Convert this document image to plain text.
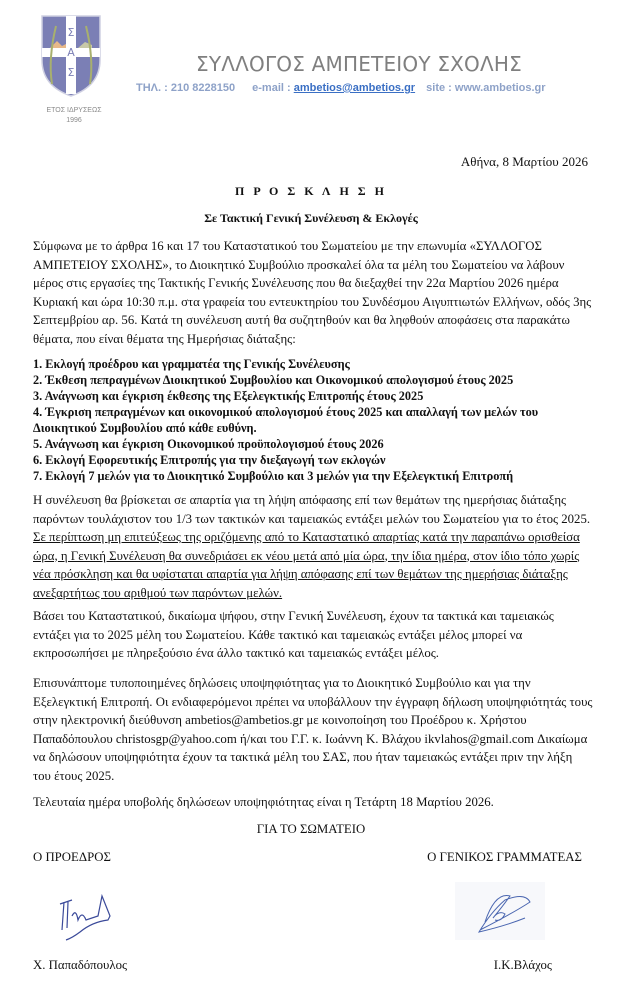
Σ
Α
Σ
ΕΤΟΣ ΙΔΡΥΣΕΩΣ
1996
ΣΥΛΛΟΓΟΣ ΑΜΠΕΤΕΙΟΥ ΣΧΟΛΗΣ
ΤΗΛ. : 210 8228150 e-mail : ambetios@ambetios.gr site : www.ambetios.gr
Αθήνα, 8 Μαρτίου 2026
Π Ρ Ο Σ Κ Λ Η Σ Η
Σε Τακτική Γενική Συνέλευση & Εκλογές
Σύμφωνα με το άρθρα 16 και 17 του Καταστατικού του Σωματείου με την επωνυμία «ΣΥΛΛΟΓΟΣ ΑΜΠΕΤΕΙΟΥ ΣΧΟΛΗΣ», το Διοικητικό Συμβούλιο προσκαλεί όλα τα μέλη του Σωματείου να λάβουν μέρος στις εργασίες της Τακτικής Γενικής Συνέλευσης που θα διεξαχθεί την 22α Μαρτίου 2026 ημέρα Κυριακή και ώρα 10:30 π.μ. στα γραφεία του εντευκτηρίου του Συνδέσμου Αιγυπτιωτών Ελλήνων, οδός 3ης Σεπτεμβρίου αρ. 56. Κατά τη συνέλευση αυτή θα συζητηθούν και θα ληφθούν αποφάσεις στα παρακάτω θέματα, που είναι θέματα της Ημερήσιας διάταξης:
1. Εκλογή προέδρου και γραμματέα της Γενικής Συνέλευσης
2. Έκθεση πεπραγμένων Διοικητικού Συμβουλίου και Οικονομικού απολογισμού έτους 2025
3. Ανάγνωση και έγκριση έκθεσης της Εξελεγκτικής Επιτροπής έτους 2025
4. Έγκριση πεπραγμένων και οικονομικού απολογισμού έτους 2025 και απαλλαγή των μελών του Διοικητικού Συμβουλίου από κάθε ευθύνη.
5. Ανάγνωση και έγκριση Οικονομικού προϋπολογισμού έτους 2026
6. Εκλογή Εφορευτικής Επιτροπής για την διεξαγωγή των εκλογών
7. Εκλογή 7 μελών για το Διοικητικό Συμβούλιο και 3 μελών για την Εξελεγκτική Επιτροπή
Η συνέλευση θα βρίσκεται σε απαρτία για τη λήψη απόφασης επί των θεμάτων της ημερήσιας διάταξης παρόντων τουλάχιστον του 1/3 των τακτικών και ταμειακώς εντάξει μελών του Σωματείου για το έτος 2025. Σε περίπτωση μη επιτεύξεως της οριζόμενης από το Καταστατικό απαρτίας κατά την παραπάνω ορισθείσα ώρα, η Γενική Συνέλευση θα συνεδριάσει εκ νέου μετά από μία ώρα, την ίδια ημέρα, στον ίδιο τόπο χωρίς νέα πρόσκληση και θα υφίσταται απαρτία για λήψη απόφασης επί των θεμάτων της ημερήσιας διάταξης ανεξαρτήτως του αριθμού των παρόντων μελών.
Βάσει του Καταστατικού, δικαίωμα ψήφου, στην Γενική Συνέλευση, έχουν τα τακτικά και ταμειακώς εντάξει για το 2025 μέλη του Σωματείου. Κάθε τακτικό και ταμειακώς εντάξει μέλος μπορεί να εκπροσωπήσει με πληρεξούσιο ένα άλλο τακτικό και ταμειακώς εντάξει μέλος.
Επισυνάπτομε τυποποιημένες δηλώσεις υποψηφιότητας για το Διοικητικό Συμβούλιο και για την Εξελεγκτική Επιτροπή. Οι ενδιαφερόμενοι πρέπει να υποβάλλουν την έγγραφη δήλωση υποψηφιότητάς τους στην ηλεκτρονική διεύθυνση ambetios@ambetios.gr με κοινοποίηση του Προέδρου κ. Χρήστου Παπαδόπουλου christosgp@yahoo.com ή/και του Γ.Γ. κ. Ιωάννη Κ. Βλάχου ikvlahos@gmail.com Δικαίωμα να δηλώσουν υποψηφιότητα έχουν τα τακτικά μέλη του ΣΑΣ, που ήταν ταμειακώς εντάξει πριν την λήξη του έτους 2025.
Τελευταία ημέρα υποβολής δηλώσεων υποψηφιότητας είναι η Τετάρτη 18 Μαρτίου 2026.
ΓΙΑ ΤΟ ΣΩΜΑΤΕΙΟ
Ο ΠΡΟΕΔΡΟΣ	Ο ΓΕΝΙΚΟΣ ΓΡΑΜΜΑΤΕΑΣ
Χ. Παπαδόπουλος	Ι.Κ.Βλάχος
